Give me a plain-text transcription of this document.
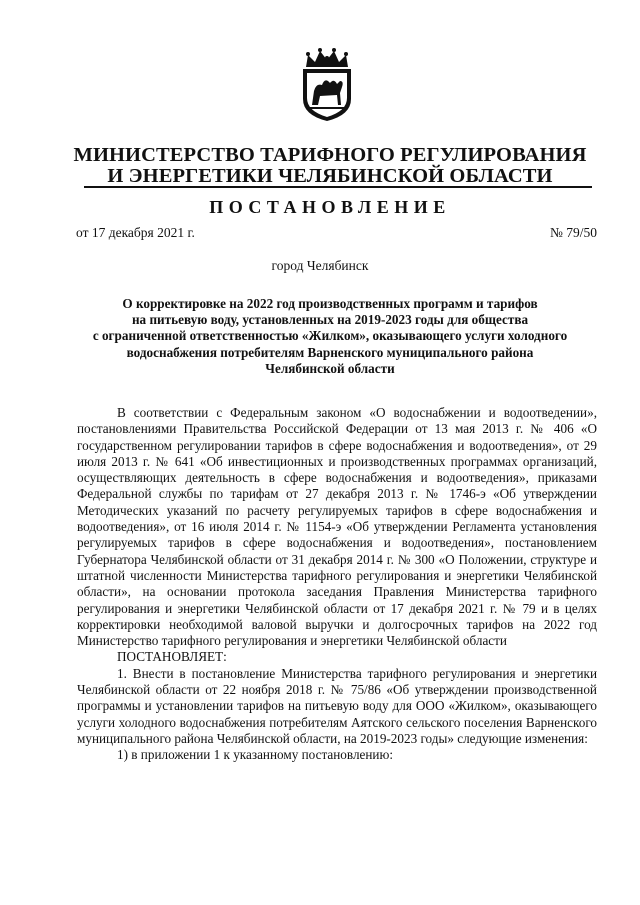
МИНИСТЕРСТВО ТАРИФНОГО РЕГУЛИРОВАНИЯ
И ЭНЕРГЕТИКИ ЧЕЛЯБИНСКОЙ ОБЛАСТИ
ПОСТАНОВЛЕНИЕ
от 17 декабря 2021 г.	№ 79/50
город Челябинск
О корректировке на 2022 год производственных программ и тарифов
на питьевую воду, установленных на 2019-2023 годы для общества
с ограниченной ответственностью «Жилком», оказывающего услуги холодного
водоснабжения потребителям Варненского муниципального района
Челябинской области

В соответствии с Федеральным законом «О водоснабжении и водоотведении», постановлениями Правительства Российской Федерации от 13 мая 2013 г. № 406 «О государственном регулировании тарифов в сфере водоснабжения и водоотведения», от 29 июля 2013 г. № 641 «Об инвестиционных и производственных программах организаций, осуществляющих деятельность в сфере водоснабжения и водоотведения», приказами Федеральной службы по тарифам от 27 декабря 2013 г. № 1746-э «Об утверждении Методических указаний по расчету регулируемых тарифов в сфере водоснабжения и водоотведения», от 16 июля 2014 г. № 1154-э «Об утверждении Регламента установления регулируемых тарифов в сфере водоснабжения и водоотведения», постановлением Губернатора Челябинской области от 31 декабря 2014 г. № 300 «О Положении, структуре и штатной численности Министерства тарифного регулирования и энергетики Челябинской области», на основании протокола заседания Правления Министерства тарифного регулирования и энергетики Челябинской области от 17 декабря 2021 г. № 79 и в целях корректировки необходимой валовой выручки и долгосрочных тарифов на 2022 год Министерство тарифного регулирования и энергетики Челябинской области

ПОСТАНОВЛЯЕТ:

1. Внести в постановление Министерства тарифного регулирования и энергетики Челябинской области от 22 ноября 2018 г. № 75/86 «Об утверждении производственной программы и установлении тарифов на питьевую воду для ООО «Жилком», оказывающего услуги холодного водоснабжения потребителям Аятского сельского поселения Варненского муниципального района Челябинской области, на 2019-2023 годы» следующие изменения:

1) в приложении 1 к указанному постановлению:
